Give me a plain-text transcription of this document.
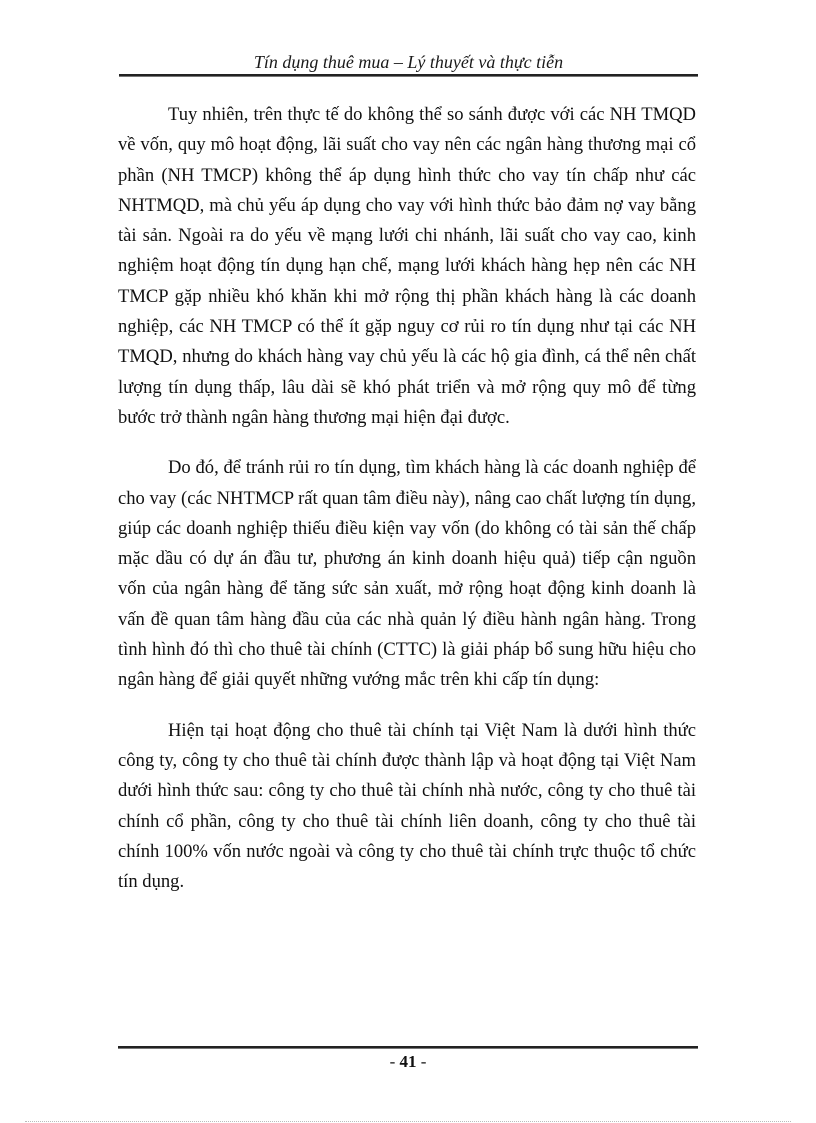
Tín dụng thuê mua – Lý thuyết và thực tiễn

Tuy nhiên, trên thực tế do không thể so sánh được với các NH TMQD về vốn, quy mô hoạt động, lãi suất cho vay nên các ngân hàng thương mại cổ phần (NH TMCP) không thể áp dụng hình thức cho vay tín chấp như các NHTMQD, mà chủ yếu áp dụng cho vay với hình thức bảo đảm nợ vay bằng tài sản. Ngoài ra do yếu về mạng lưới chi nhánh, lãi suất cho vay cao, kinh nghiệm hoạt động tín dụng hạn chế, mạng lưới khách hàng hẹp nên các NH TMCP gặp nhiều khó khăn khi mở rộng thị phần khách hàng là các doanh nghiệp, các NH TMCP có thể ít gặp nguy cơ rủi ro tín dụng như tại các NH TMQD, nhưng do khách hàng vay chủ yếu là các hộ gia đình, cá thể nên chất lượng tín dụng thấp, lâu dài sẽ khó phát triển và mở rộng quy mô để từng bước trở thành ngân hàng thương mại hiện đại được.

Do đó, để tránh rủi ro tín dụng, tìm khách hàng là các doanh nghiệp để cho vay (các NHTMCP rất quan tâm điều này), nâng cao chất lượng tín dụng, giúp các doanh nghiệp thiếu điều kiện vay vốn (do không có tài sản thế chấp mặc dầu có dự án đầu tư, phương án kinh doanh hiệu quả) tiếp cận nguồn vốn của ngân hàng để tăng sức sản xuất, mở rộng hoạt động kinh doanh là vấn đề quan tâm hàng đầu của các nhà quản lý điều hành ngân hàng. Trong tình hình đó thì cho thuê tài chính (CTTC) là giải pháp bổ sung hữu hiệu cho ngân hàng để giải quyết những vướng mắc trên khi cấp tín dụng:

Hiện tại hoạt động cho thuê tài chính tại Việt Nam là dưới hình thức công ty, công ty cho thuê tài chính được thành lập và hoạt động tại Việt Nam dưới hình thức sau: công ty cho thuê tài chính nhà nước, công ty cho thuê tài chính cổ phần, công ty cho thuê tài chính liên doanh, công ty cho thuê tài chính 100% vốn nước ngoài và công ty cho thuê tài chính trực thuộc tổ chức tín dụng.

- 41 -
